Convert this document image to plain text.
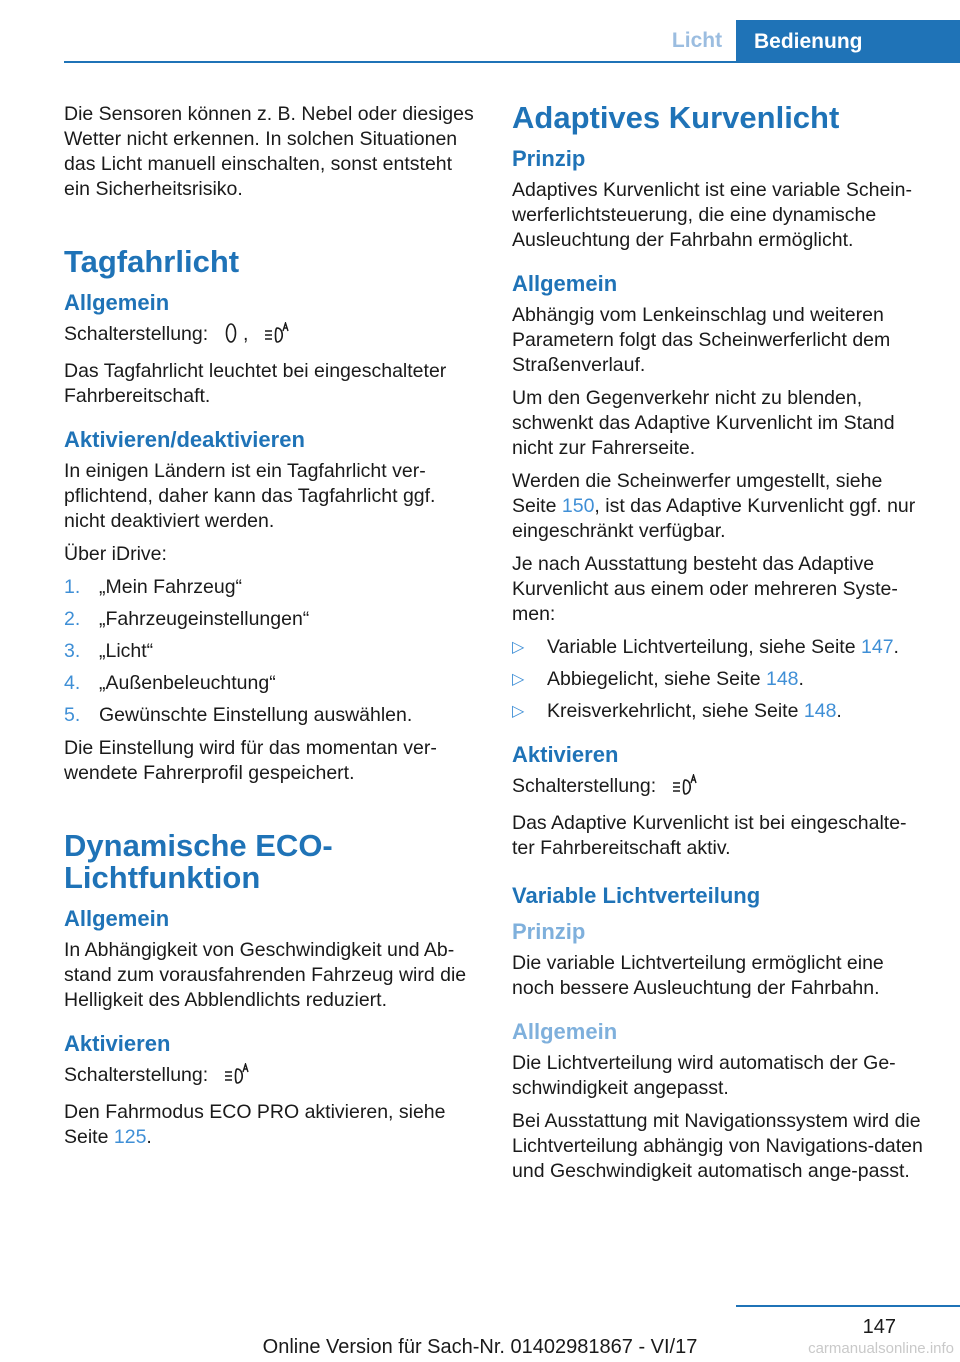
Licht	Bedienung

Die Sensoren können z. B. Nebel oder diesiges Wetter nicht erkennen. In solchen Situationen das Licht manuell einschalten, sonst entsteht ein Sicherheitsrisiko.

Tagfahrlicht
Allgemein

Schalterstellung: ,

Das Tagfahrlicht leuchtet bei eingeschalteter Fahrbereitschaft.

Aktivieren/deaktivieren

In einigen Ländern ist ein Tagfahrlicht ver‐pflichtend, daher kann das Tagfahrlicht ggf. nicht deaktiviert werden.

Über iDrive:

1. „Mein Fahrzeug“
2. „Fahrzeugeinstellungen“
3. „Licht“
4. „Außenbeleuchtung“
5. Gewünschte Einstellung auswählen.

Die Einstellung wird für das momentan ver‐wendete Fahrerprofil gespeichert.

Dynamische ECO-
Lichtfunktion
Allgemein

In Abhängigkeit von Geschwindigkeit und Ab‐stand zum vorausfahrenden Fahrzeug wird die Helligkeit des Abblendlichts reduziert.

Aktivieren

Schalterstellung:

Den Fahrmodus ECO PRO aktivieren, siehe Seite 125.

Adaptives Kurvenlicht
Prinzip

Adaptives Kurvenlicht ist eine variable Schein‐werferlichtsteuerung, die eine dynamische Ausleuchtung der Fahrbahn ermöglicht.

Allgemein

Abhängig vom Lenkeinschlag und weiteren Parametern folgt das Scheinwerferlicht dem Straßenverlauf.

Um den Gegenverkehr nicht zu blenden, schwenkt das Adaptive Kurvenlicht im Stand nicht zur Fahrerseite.

Werden die Scheinwerfer umgestellt, siehe Seite 150, ist das Adaptive Kurvenlicht ggf. nur eingeschränkt verfügbar.

Je nach Ausstattung besteht das Adaptive Kurvenlicht aus einem oder mehreren Syste‐men:

▷ Variable Lichtverteilung, siehe Seite 147.
▷ Abbiegelicht, siehe Seite 148.
▷ Kreisverkehrlicht, siehe Seite 148.
Aktivieren

Schalterstellung:

Das Adaptive Kurvenlicht ist bei eingeschalte‐ter Fahrbereitschaft aktiv.

Variable Lichtverteilung
Prinzip

Die variable Lichtverteilung ermöglicht eine noch bessere Ausleuchtung der Fahrbahn.

Allgemein

Die Lichtverteilung wird automatisch der Ge‐schwindigkeit angepasst.

Bei Ausstattung mit Navigationssystem wird die Lichtverteilung abhängig von Navigations‐daten und Geschwindigkeit automatisch ange‐passt.

147
Online Version für Sach-Nr. 01402981867 - VI/17	carmanualsonline.info
